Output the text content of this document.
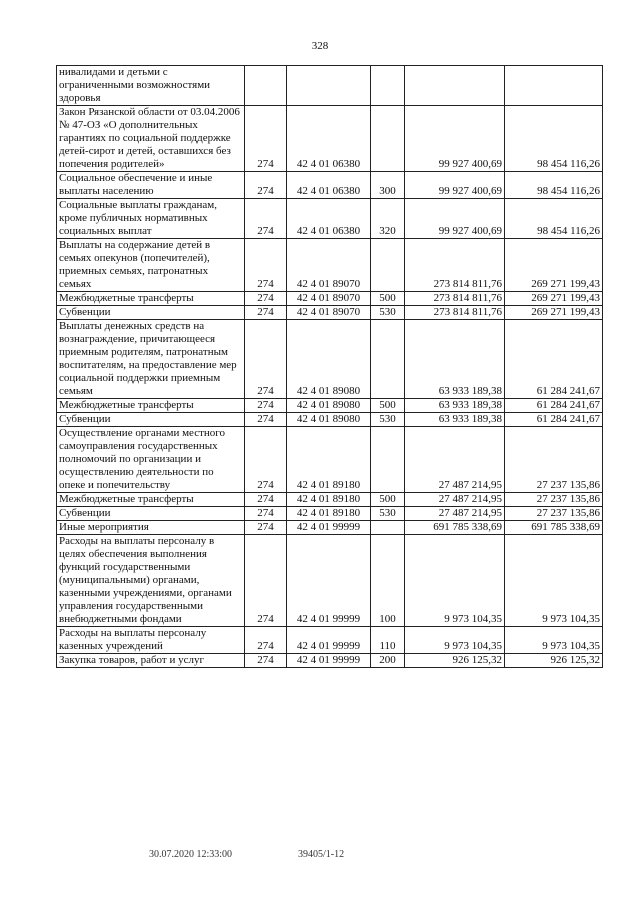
328
нивалидами и детьми с ограниченными возможностями здоровья					
Закон Рязанской области от 03.04.2006 № 47-ОЗ «О дополнительных гарантиях по социальной поддержке детей-сирот и детей, оставшихся без попечения родителей»	274	42 4 01 06380		99 927 400,69	98 454 116,26
Социальное обеспечение и иные выплаты населению	274	42 4 01 06380	300	99 927 400,69	98 454 116,26
Социальные выплаты гражданам, кроме публичных нормативных социальных выплат	274	42 4 01 06380	320	99 927 400,69	98 454 116,26
Выплаты на содержание детей в семьях опекунов (попечителей), приемных семьях, патронатных семьях	274	42 4 01 89070		273 814 811,76	269 271 199,43
Межбюджетные трансферты	274	42 4 01 89070	500	273 814 811,76	269 271 199,43
Субвенции	274	42 4 01 89070	530	273 814 811,76	269 271 199,43
Выплаты денежных средств на вознаграждение, причитающееся приемным родителям, патронатным воспитателям, на предоставление мер социальной поддержки приемным семьям	274	42 4 01 89080		63 933 189,38	61 284 241,67
Межбюджетные трансферты	274	42 4 01 89080	500	63 933 189,38	61 284 241,67
Субвенции	274	42 4 01 89080	530	63 933 189,38	61 284 241,67
Осуществление органами местного самоуправления государственных полномочий по организации и осуществлению деятельности по опеке и попечительству	274	42 4 01 89180		27 487 214,95	27 237 135,86
Межбюджетные трансферты	274	42 4 01 89180	500	27 487 214,95	27 237 135,86
Субвенции	274	42 4 01 89180	530	27 487 214,95	27 237 135,86
Иные мероприятия	274	42 4 01 99999		691 785 338,69	691 785 338,69
Расходы на выплаты персоналу в целях обеспечения выполнения функций государственными (муниципальными) органами, казенными учреждениями, органами управления государственными внебюджетными фондами	274	42 4 01 99999	100	9 973 104,35	9 973 104,35
Расходы на выплаты персоналу казенных учреждений	274	42 4 01 99999	110	9 973 104,35	9 973 104,35
Закупка товаров, работ и услуг	274	42 4 01 99999	200	926 125,32	926 125,32
30.07.2020 12:33:00	39405/1-12
